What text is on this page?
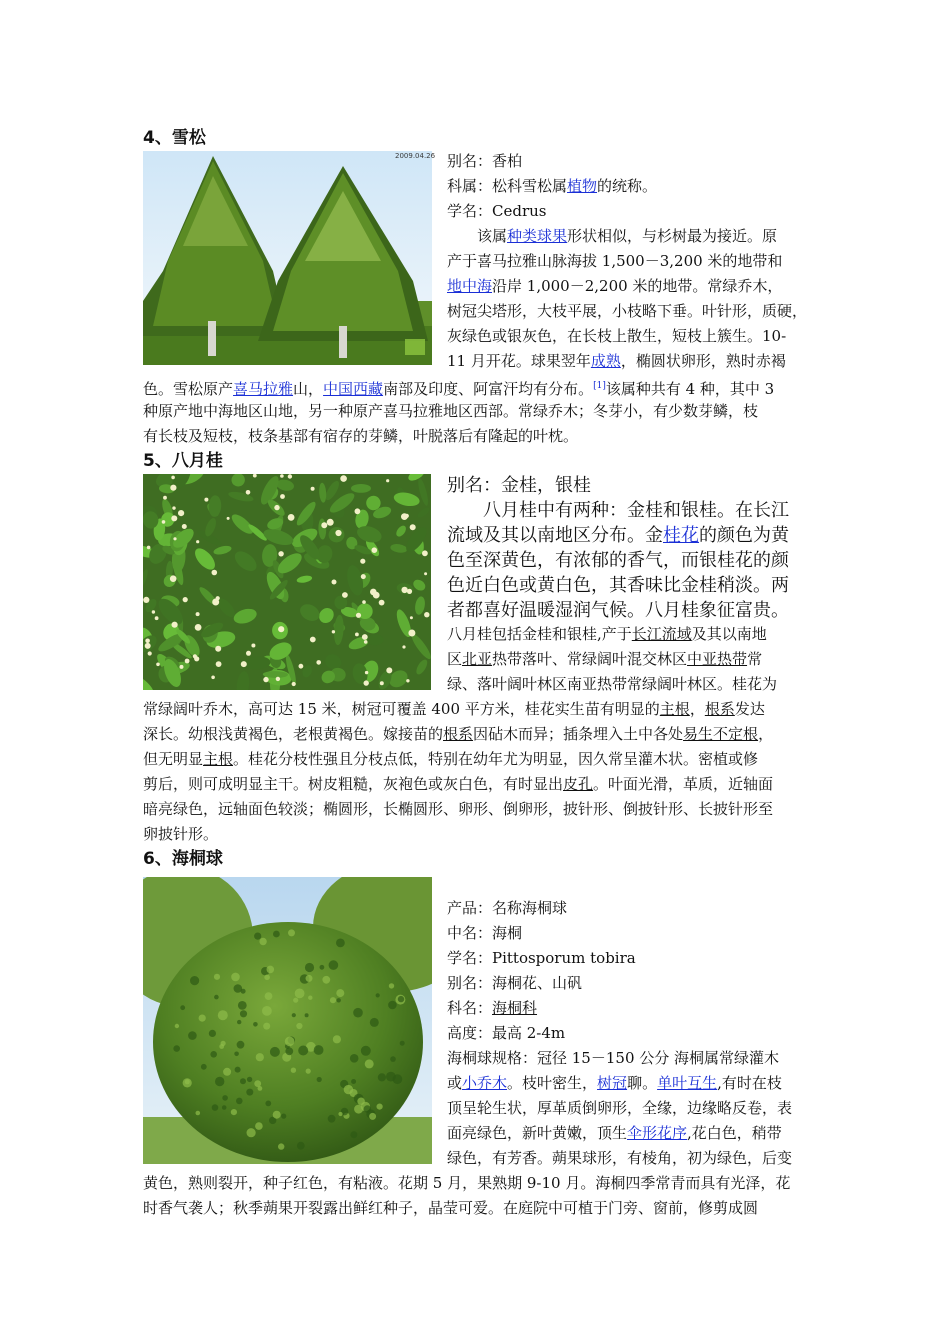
4、雪松
2009.04.26 别名：香柏
科属：松科雪松属植物的统称。
学名：Cedrus
　　该属种类球果形状相似，与杉树最为接近。原
产于喜马拉雅山脉海拔 1,500－3,200 米的地带和
地中海沿岸 1,000－2,200 米的地带。常绿乔木，
树冠尖塔形，大枝平展，小枝略下垂。叶针形，质硬，
灰绿色或银灰色，在长枝上散生，短枝上簇生。10-
11 月开花。球果翌年成熟，椭圆状卵形，熟时赤褐
色。雪松原产喜马拉雅山，中国西藏南部及印度、阿富汗均有分布。[1]该属种共有 4 种，其中 3
种原产地中海地区山地，另一种原产喜马拉雅地区西部。常绿乔木；冬芽小，有少数芽鳞，枝
有长枝及短枝，枝条基部有宿存的芽鳞，叶脱落后有隆起的叶枕。
5、八月桂
别名：金桂，银桂
　　八月桂中有两种：金桂和银桂。在长江
流域及其以南地区分布。金桂花的颜色为黄
色至深黄色，有浓郁的香气，而银桂花的颜
色近白色或黄白色，其香味比金桂稍淡。两
者都喜好温暖湿润气候。八月桂象征富贵。
八月桂包括金桂和银桂,产于长江流域及其以南地
区北亚热带落叶、常绿阔叶混交林区中亚热带常
绿、落叶阔叶林区南亚热带常绿阔叶林区。桂花为
常绿阔叶乔木，高可达 15 米，树冠可覆盖 400 平方米，桂花实生苗有明显的主根，根系发达
深长。幼根浅黄褐色，老根黄褐色。嫁接苗的根系因砧木而异；插条埋入土中各处易生不定根，
但无明显主根。桂花分枝性强且分枝点低，特别在幼年尤为明显，因久常呈灌木状。密植或修
剪后，则可成明显主干。树皮粗糙，灰袍色或灰白色，有时显出皮孔。叶面光滑，革质，近轴面
暗亮绿色，远轴面色较淡；椭圆形，长椭圆形、卵形、倒卵形，披针形、倒披针形、长披针形至
卵披针形。
6、海桐球
产品：名称海桐球
中名：海桐
学名：Pittosporum tobira
别名：海桐花、山矾
科名：海桐科
高度：最高 2-4m
海桐球规格：冠径 15－150 公分 海桐属常绿灌木
或小乔木。枝叶密生，树冠聊。单叶互生,有时在枝
顶呈轮生状，厚革质倒卵形，全缘，边缘略反卷，表
面亮绿色，新叶黄嫩，顶生伞形花序,花白色，稍带
绿色，有芳香。蒴果球形，有棱角，初为绿色，后变
黄色，熟则裂开，种子红色，有粘液。花期 5 月，果熟期 9-10 月。海桐四季常青而具有光泽，花
时香气袭人；秋季蒴果开裂露出鲜红种子，晶莹可爱。在庭院中可植于门旁、窗前，修剪成圆
